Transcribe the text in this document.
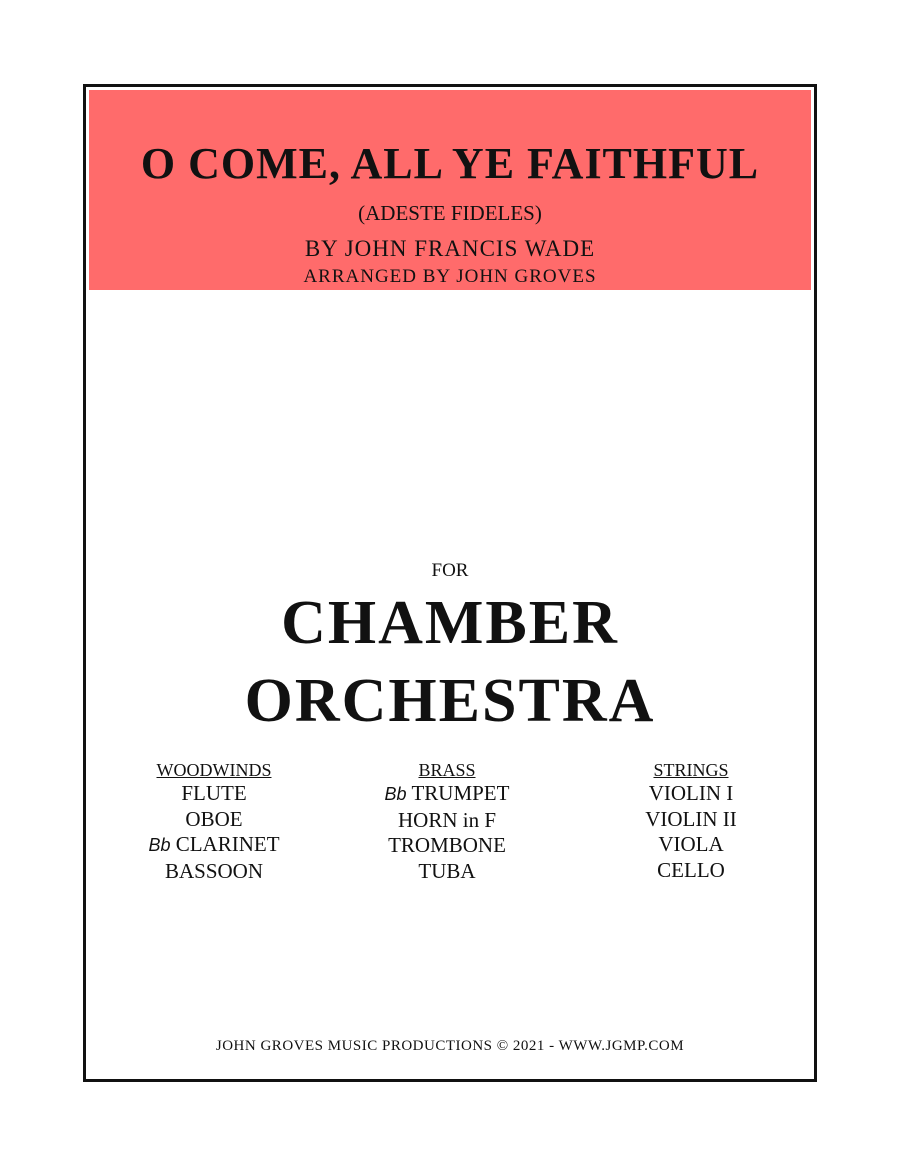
O COME, ALL YE FAITHFUL
(ADESTE FIDELES)
BY JOHN FRANCIS WADE
ARRANGED BY JOHN GROVES
FOR
CHAMBER
ORCHESTRA
WOODWINDS
FLUTE
OBOE
Bb CLARINET
BASSOON
BRASS
Bb TRUMPET
HORN in F
TROMBONE
TUBA
STRINGS
VIOLIN I
VIOLIN II
VIOLA
CELLO
JOHN GROVES MUSIC PRODUCTIONS © 2021 - WWW.JGMP.COM
